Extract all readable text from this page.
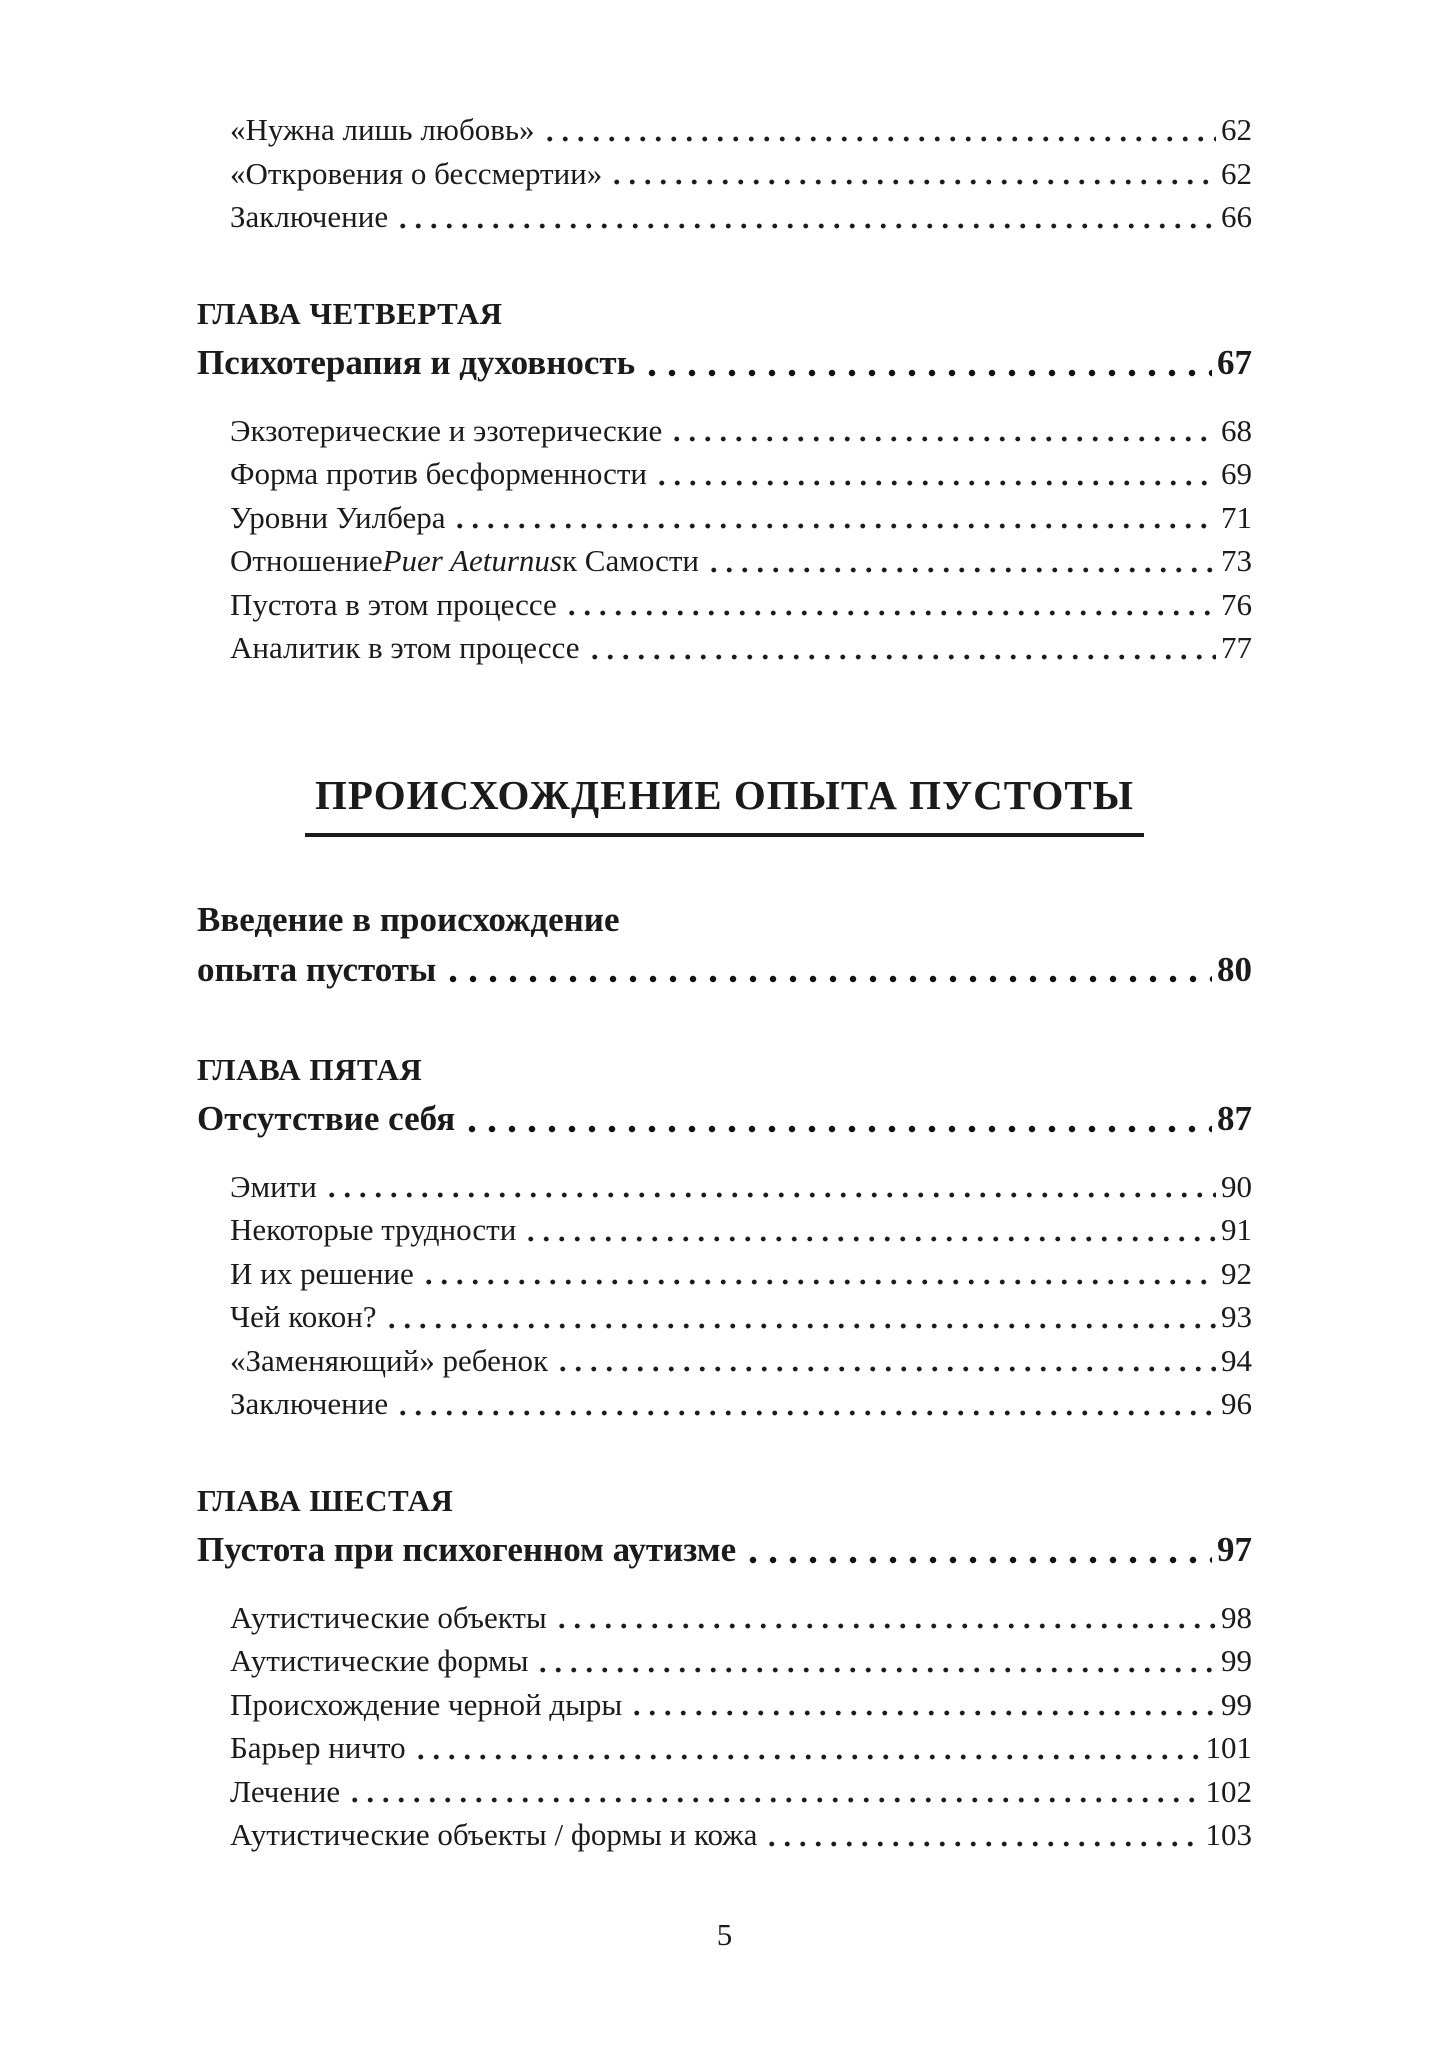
«Нужна лишь любовь»	62
«Откровения о бессмертии»	62
Заключение	66
ГЛАВА ЧЕТВЕРТАЯ
Психотерапия и духовность	67
Экзотерические и эзотерические	68
Форма против бесформенности	69
Уровни Уилбера	71
Отношение Puer Aeturnus к Самости	73
Пустота в этом процессе	76
Аналитик в этом процессе	77
ПРОИСХОЖДЕНИЕ ОПЫТА ПУСТОТЫ
Введение в происхождение
опыта пустоты	80
ГЛАВА ПЯТАЯ
Отсутствие себя	87
Эмити	90
Некоторые трудности	91
И их решение	92
Чей кокон?	93
«Заменяющий» ребенок	94
Заключение	96
ГЛАВА ШЕСТАЯ
Пустота при психогенном аутизме	97
Аутистические объекты	98
Аутистические формы	99
Происхождение черной дыры	99
Барьер ничто	101
Лечение	102
Аутистические объекты / формы и кожа	103
5
